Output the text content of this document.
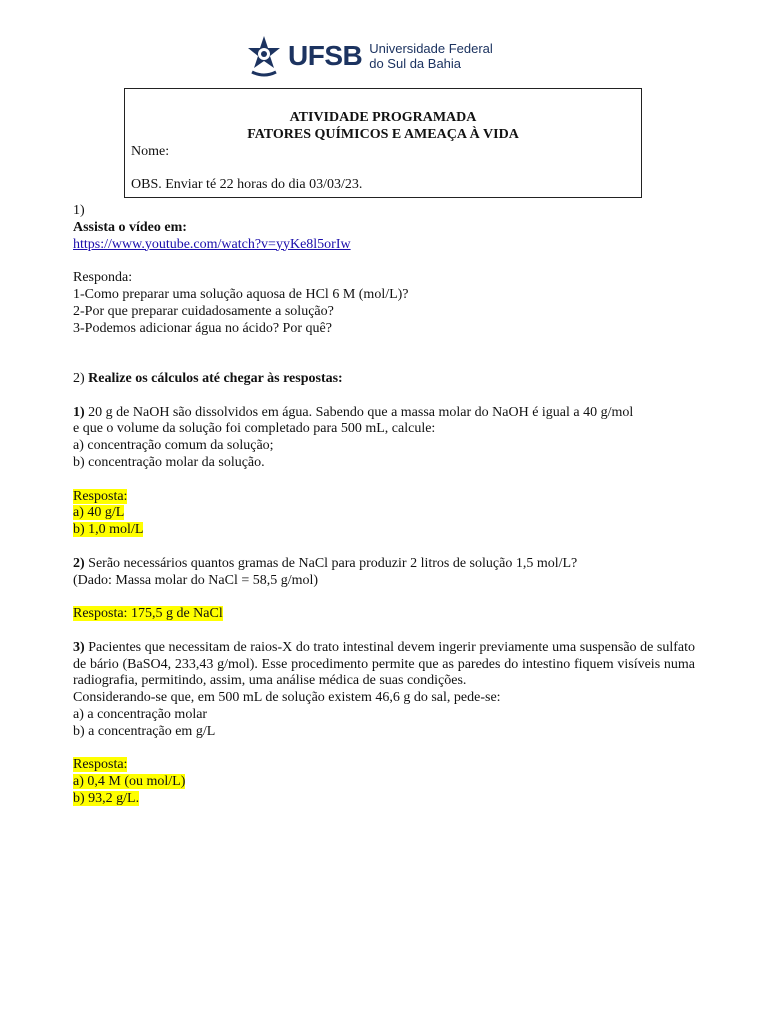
UFSB Universidade Federal
do Sul da Bahia
ATIVIDADE PROGRAMADA
FATORES QUÍMICOS E AMEAÇA À VIDA
Nome:
OBS. Enviar té 22 horas do dia 03/03/23.

1)

Assista o vídeo em:

https://www.youtube.com/watch?v=yyKe8l5orIw

Responda:

1-Como preparar uma solução aquosa de HCl 6 M (mol/L)?

2-Por que preparar cuidadosamente a solução?

3-Podemos adicionar água no ácido? Por quê?

2) Realize os cálculos até chegar às respostas:

1) 20 g de NaOH são dissolvidos em água. Sabendo que a massa molar do NaOH é igual a 40 g/mol

e que o volume da solução foi completado para 500 mL, calcule:

a) concentração comum da solução;

b) concentração molar da solução.

Resposta:

a) 40 g/L

b) 1,0 mol/L

2) Serão necessários quantos gramas de NaCl para produzir 2 litros de solução 1,5 mol/L?

(Dado: Massa molar do NaCl = 58,5 g/mol)

Resposta: 175,5 g de NaCl

3) Pacientes que necessitam de raios-X do trato intestinal devem ingerir previamente uma suspensão de sulfato de bário (BaSO4, 233,43 g/mol). Esse procedimento permite que as paredes do intestino fiquem visíveis numa radiografia, permitindo, assim, uma análise médica de suas condições.

Considerando-se que, em 500 mL de solução existem 46,6 g do sal, pede-se:

a) a concentração molar

b) a concentração em g/L

Resposta:

a) 0,4 M (ou mol/L)

b) 93,2 g/L.
